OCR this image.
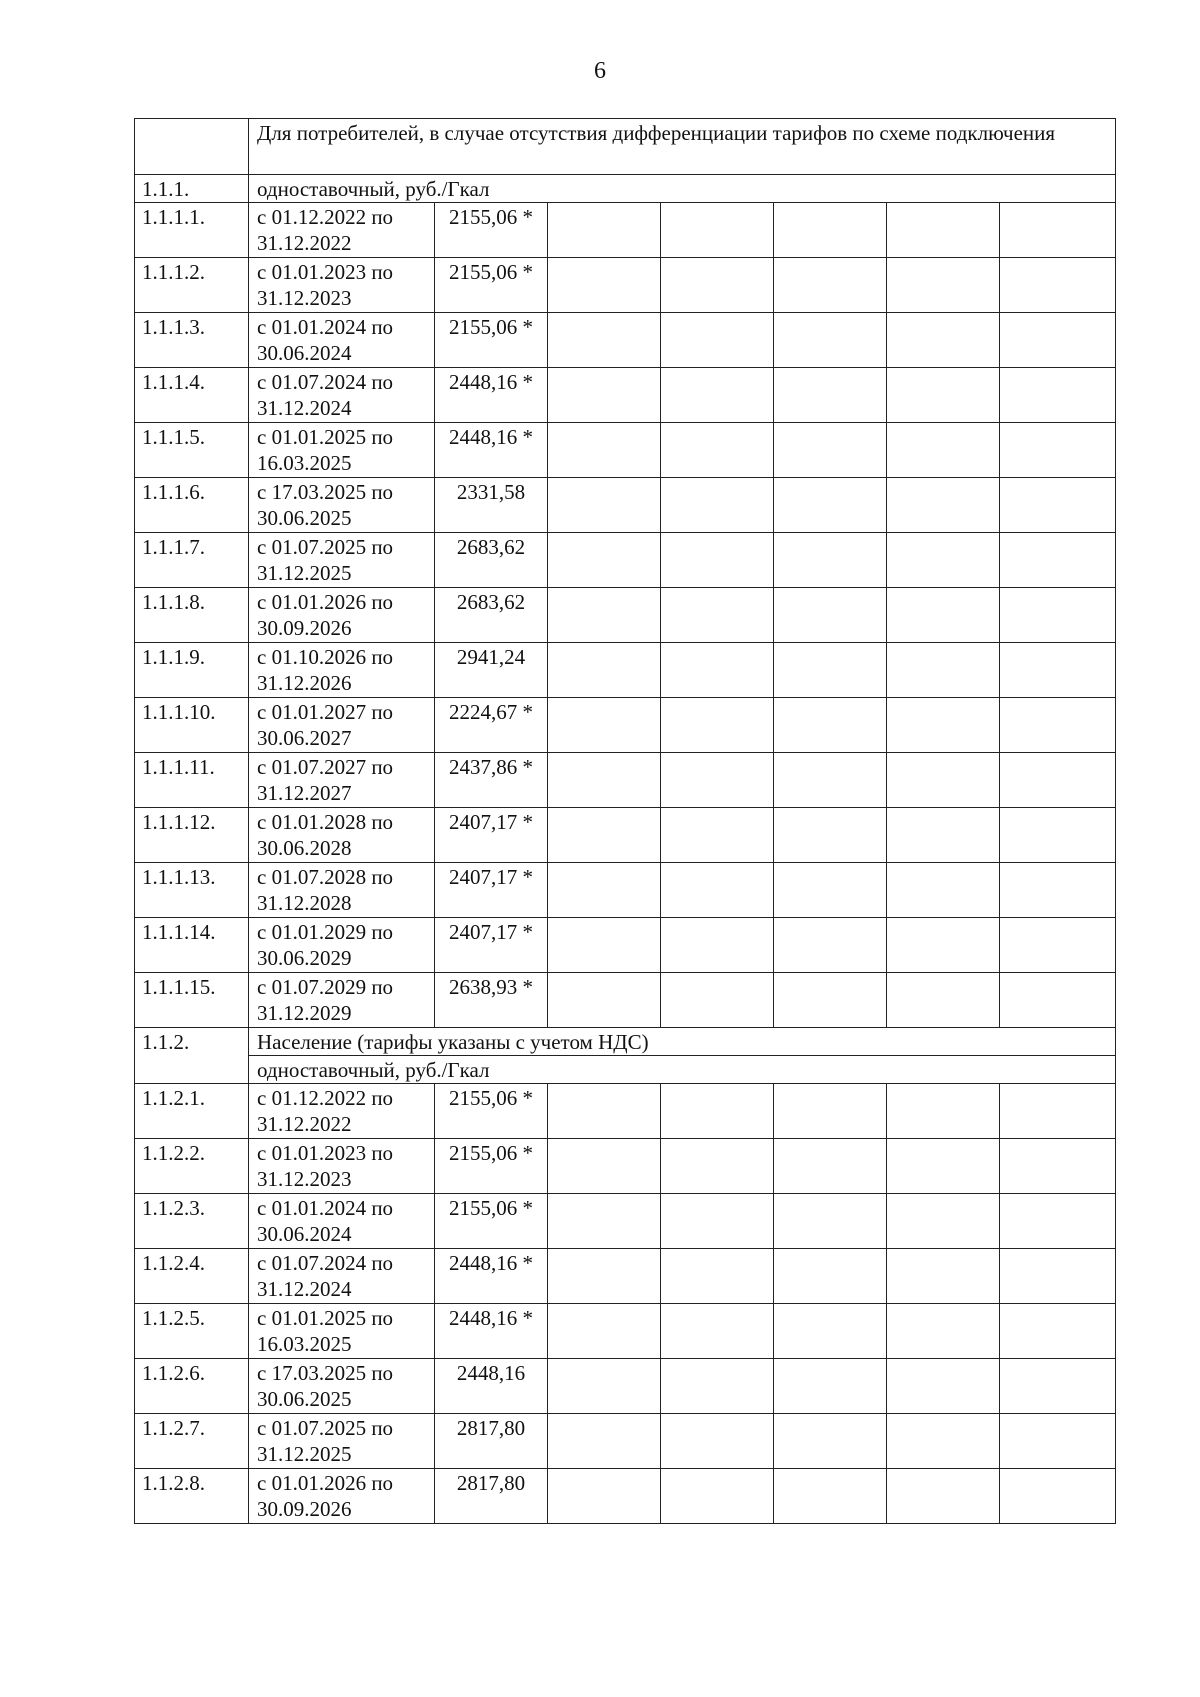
6
	Для потребителей, в случае отсутствия дифференциации тарифов по схеме подключения						
1.1.1.	одноставочный, руб./Гкал						
1.1.1.1.	с 01.12.2022 по 31.12.2022	2155,06 *					
1.1.1.2.	с 01.01.2023 по 31.12.2023	2155,06 *					
1.1.1.3.	с 01.01.2024 по 30.06.2024	2155,06 *					
1.1.1.4.	с 01.07.2024 по 31.12.2024	2448,16 *					
1.1.1.5.	с 01.01.2025 по 16.03.2025	2448,16 *					
1.1.1.6.	с 17.03.2025 по 30.06.2025	2331,58					
1.1.1.7.	с 01.07.2025 по 31.12.2025	2683,62					
1.1.1.8.	с 01.01.2026 по 30.09.2026	2683,62					
1.1.1.9.	с 01.10.2026 по 31.12.2026	2941,24					
1.1.1.10.	с 01.01.2027 по 30.06.2027	2224,67 *					
1.1.1.11.	с 01.07.2027 по 31.12.2027	2437,86 *					
1.1.1.12.	с 01.01.2028 по 30.06.2028	2407,17 *					
1.1.1.13.	с 01.07.2028 по 31.12.2028	2407,17 *					
1.1.1.14.	с 01.01.2029 по 30.06.2029	2407,17 *					
1.1.1.15.	с 01.07.2029 по 31.12.2029	2638,93 *					
1.1.2.	Население (тарифы указаны с учетом НДС)						
	одноставочный, руб./Гкал						
1.1.2.1.	с 01.12.2022 по 31.12.2022	2155,06 *					
1.1.2.2.	с 01.01.2023 по 31.12.2023	2155,06 *					
1.1.2.3.	с 01.01.2024 по 30.06.2024	2155,06 *					
1.1.2.4.	с 01.07.2024 по 31.12.2024	2448,16 *					
1.1.2.5.	с 01.01.2025 по 16.03.2025	2448,16 *					
1.1.2.6.	с 17.03.2025 по 30.06.2025	2448,16					
1.1.2.7.	с 01.07.2025 по 31.12.2025	2817,80					
1.1.2.8.	с 01.01.2026 по 30.09.2026	2817,80					
